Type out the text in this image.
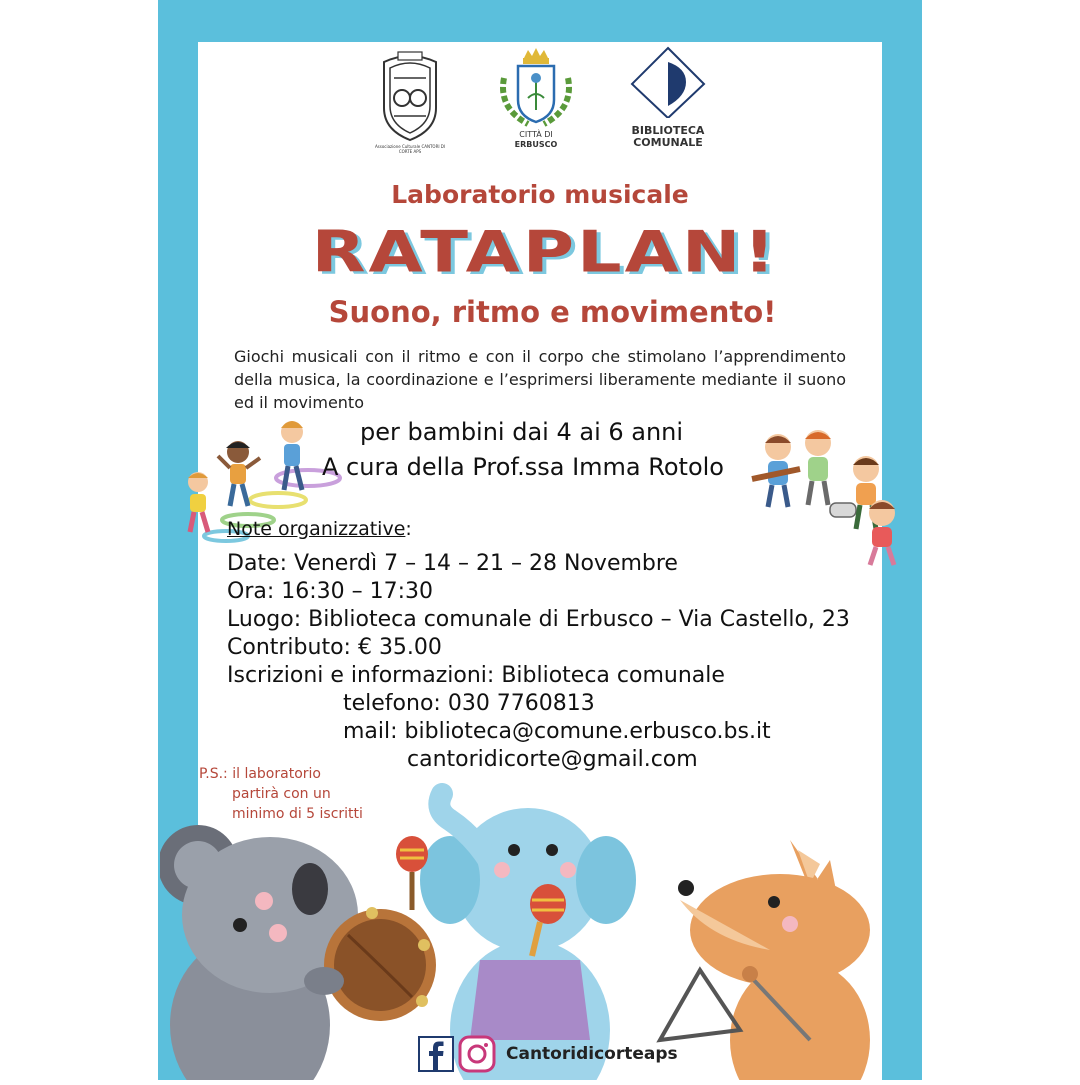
Associazione Culturale CANTORI DI CORTE APS
CITTÀ DI
ERBUSCO
BIBLIOTECA
COMUNALE
Laboratorio musicale
RATAPLAN!
Suono, ritmo e movimento!
Giochi musicali con il ritmo e con il corpo che stimolano l’apprendimento della musica, la coordinazione e l’esprimersi liberamente mediante il suono ed il movimento
per bambini dai 4 ai 6 anni
A cura della Prof.ssa Imma Rotolo
Note organizzative:
Date: Venerdì 7 – 14 – 21 – 28 Novembre
Ora: 16:30 – 17:30
Luogo: Biblioteca comunale di Erbusco – Via Castello, 23
Contributo: € 35.00
Iscrizioni e informazioni: Biblioteca comunale
telefono: 030 7760813
mail: biblioteca@comune.erbusco.bs.it
cantoridicorte@gmail.com
P.S.: il laboratorio
partirà con un
minimo di 5 iscritti
Cantoridicorteaps
